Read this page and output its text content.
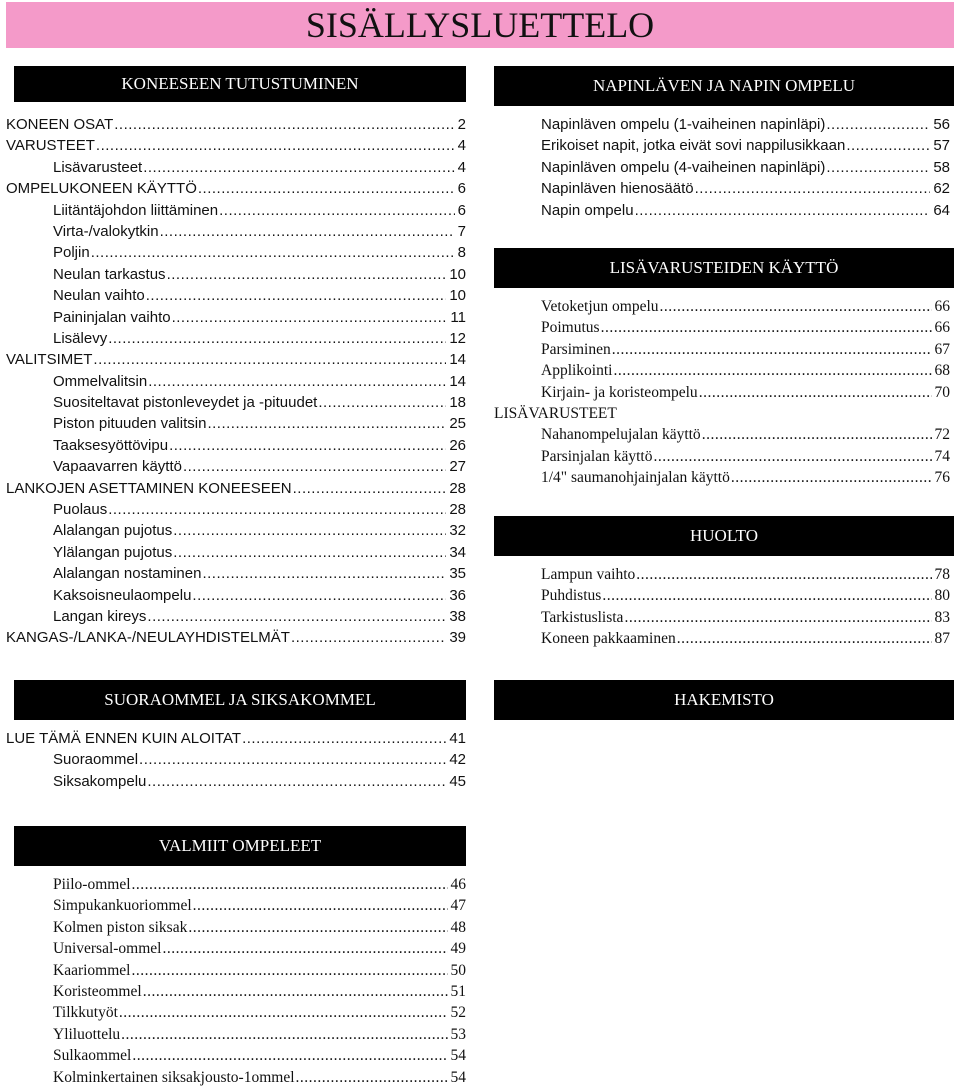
SISÄLLYSLUETTELO
KONEESEEN TUTUSTUMINEN
KONEEN OSAT .....	2
VARUSTEET .....	4
Lisävarusteet .....	4
OMPELUKONEEN KÄYTTÖ .....	6
Liitäntäjohdon liittäminen .....	6
Virta-/valokytkin .....	7
Poljin .....	8
Neulan tarkastus .....	10
Neulan vaihto .....	10
Paininjalan vaihto .....	11
Lisälevy .....	12
VALITSIMET .....	14
Ommelvalitsin .....	14
Suositeltavat pistonleveydet ja -pituudet .....	18
Piston pituuden valitsin .....	25
Taaksesyöttövipu .....	26
Vapaavarren käyttö .....	27
LANKOJEN ASETTAMINEN KONEESEEN .....	28
Puolaus .....	28
Alalangan pujotus .....	32
Ylälangan pujotus .....	34
Alalangan nostaminen .....	35
Kaksoisneulaompelu .....	36
Langan kireys .....	38
KANGAS-/LANKA-/NEULAYHDISTELMÄT .....	39
SUORAOMMEL JA SIKSAKOMMEL
LUE TÄMÄ ENNEN KUIN ALOITAT .....	41
Suoraommel .....	42
Siksakompelu .....	45
VALMIIT OMPELEET
Piilo-ommel .....	46
Simpukankuoriommel .....	47
Kolmen piston siksak .....	48
Universal-ommel .....	49
Kaariommel .....	50
Koristeommel .....	51
Tilkkutyöt .....	52
Yliluottelu .....	53
Sulkaommel .....	54
Kolminkertainen siksakjousto-1ommel .....	54
NAPINLÄVEN JA NAPIN OMPELU
Napinläven ompelu (1-vaiheinen napinläpi) .....	56
Erikoiset napit, jotka eivät sovi nappilusikkaan .....	57
Napinläven ompelu (4-vaiheinen napinläpi) .....	58
Napinläven hienosäätö .....	62
Napin ompelu .....	64
LISÄVARUSTEIDEN KÄYTTÖ
Vetoketjun ompelu .....	66
Poimutus .....	66
Parsiminen .....	67
Applikointi .....	68
Kirjain- ja koristeompelu .....	70
LISÄVARUSTEET
Nahanompelujalan käyttö .....	72
Parsinjalan käyttö .....	74
1/4" saumanohjainjalan käyttö .....	76
HUOLTO
Lampun vaihto .....	78
Puhdistus .....	80
Tarkistuslista .....	83
Koneen pakkaaminen .....	87
HAKEMISTO
